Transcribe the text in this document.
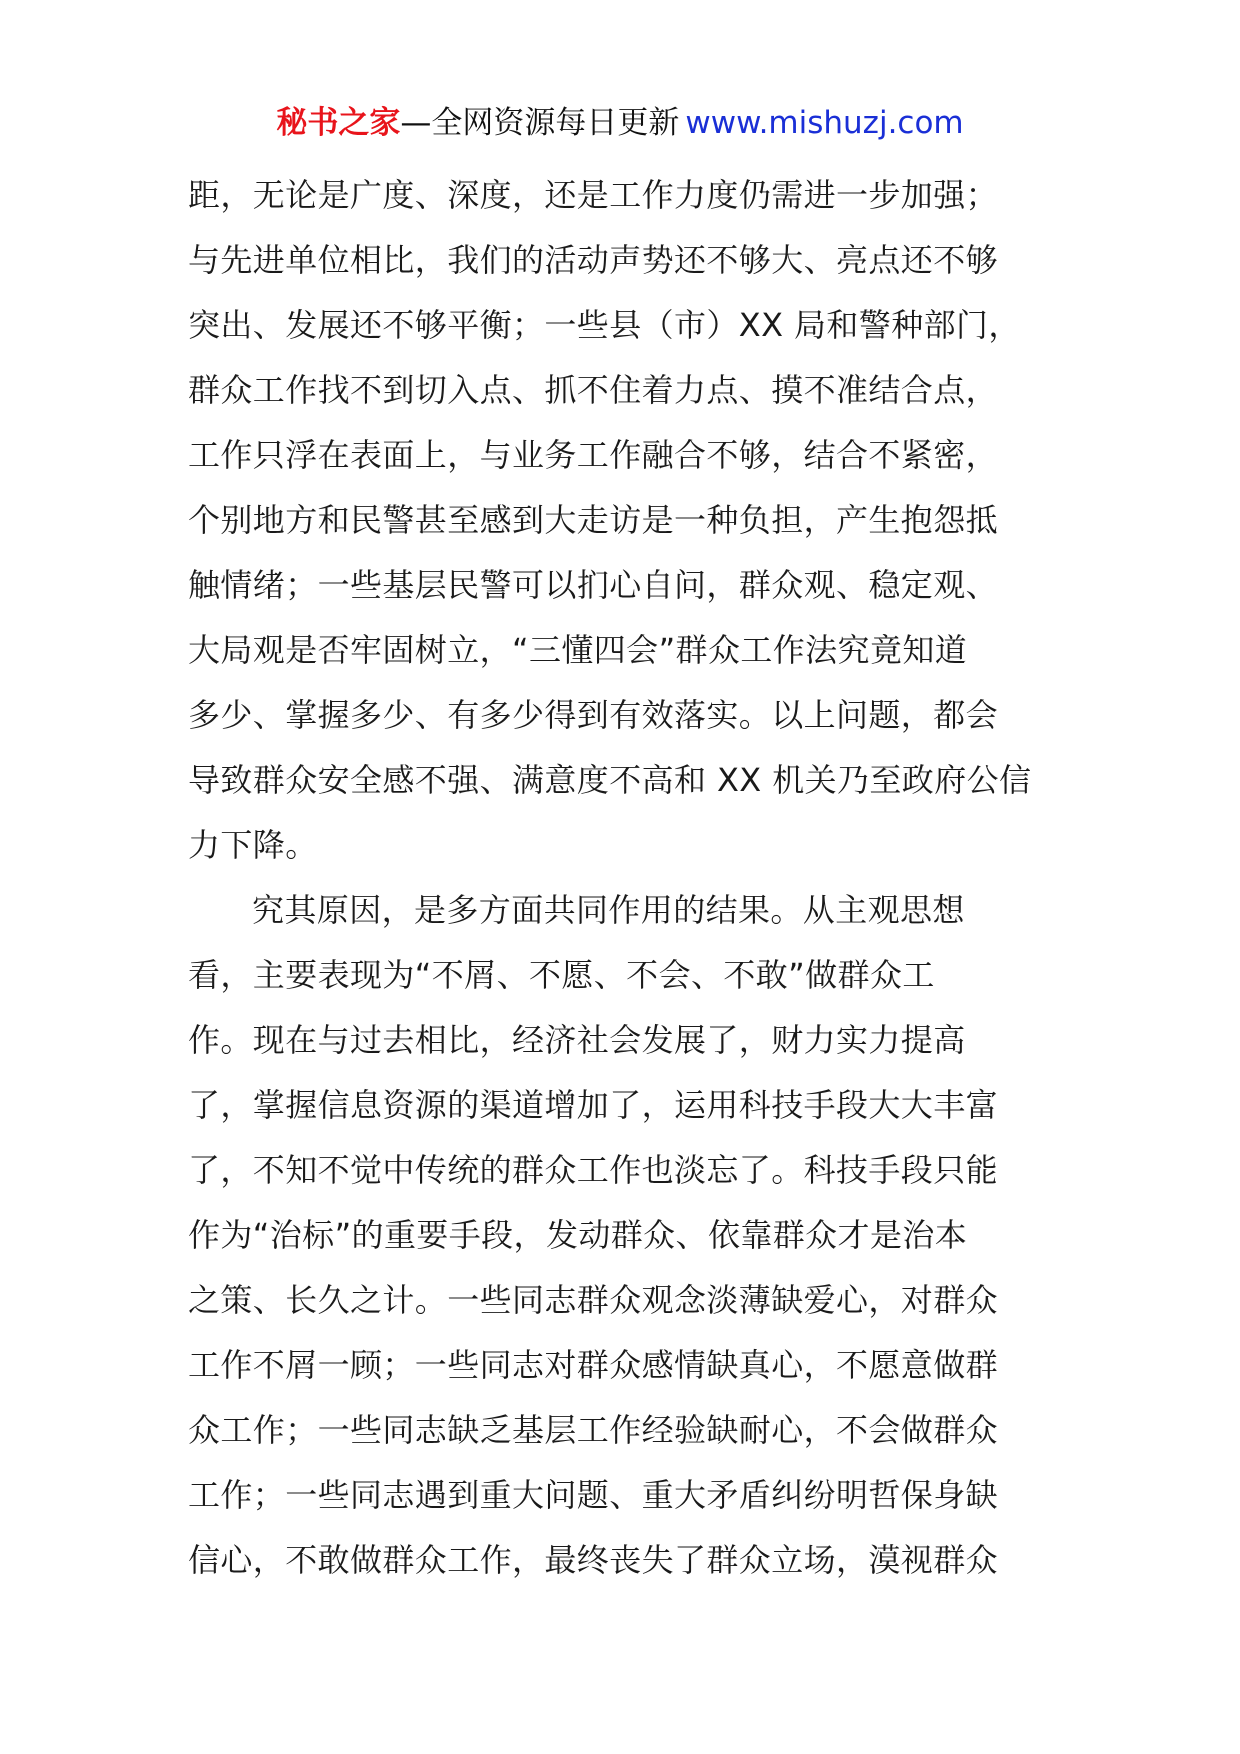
秘书之家—全网资源每日更新 www.mishuzj.com
距，无论是广度、深度，还是工作力度仍需进一步加强；
与先进单位相比，我们的活动声势还不够大、亮点还不够
突出、发展还不够平衡；一些县（市）XX 局和警种部门，
群众工作找不到切入点、抓不住着力点、摸不准结合点，
工作只浮在表面上，与业务工作融合不够，结合不紧密，
个别地方和民警甚至感到大走访是一种负担，产生抱怨抵
触情绪；一些基层民警可以扪心自问，群众观、稳定观、
大局观是否牢固树立，“三懂四会”群众工作法究竟知道
多少、掌握多少、有多少得到有效落实。以上问题，都会
导致群众安全感不强、满意度不高和 XX 机关乃至政府公信
力下降。
究其原因，是多方面共同作用的结果。从主观思想
看，主要表现为“不屑、不愿、不会、不敢”做群众工
作。现在与过去相比，经济社会发展了，财力实力提高
了，掌握信息资源的渠道增加了，运用科技手段大大丰富
了，不知不觉中传统的群众工作也淡忘了。科技手段只能
作为“治标”的重要手段，发动群众、依靠群众才是治本
之策、长久之计。一些同志群众观念淡薄缺爱心，对群众
工作不屑一顾；一些同志对群众感情缺真心，不愿意做群
众工作；一些同志缺乏基层工作经验缺耐心，不会做群众
工作；一些同志遇到重大问题、重大矛盾纠纷明哲保身缺
信心，不敢做群众工作，最终丧失了群众立场，漠视群众
